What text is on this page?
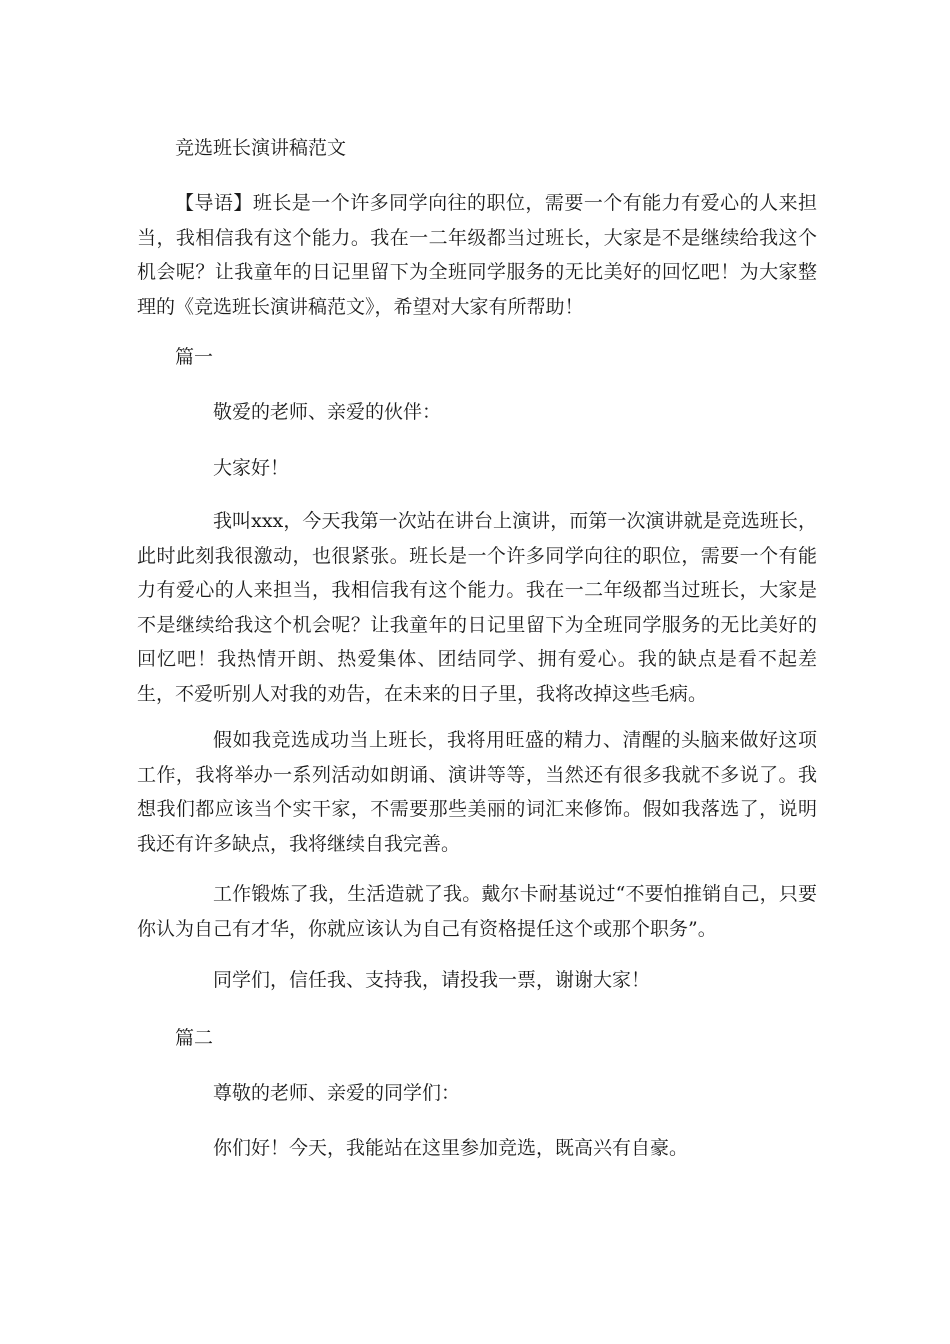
竞选班长演讲稿范文

【导语】班长是一个许多同学向往的职位，需要一个有能力有爱心的人来担当，我相信我有这个能力。我在一二年级都当过班长，大家是不是继续给我这个机会呢？让我童年的日记里留下为全班同学服务的无比美好的回忆吧！为大家整理的《竞选班长演讲稿范文》，希望对大家有所帮助！

篇一
敬爱的老师、亲爱的伙伴：
大家好！

我叫xxx，今天我第一次站在讲台上演讲，而第一次演讲就是竞选班长，此时此刻我很激动，也很紧张。班长是一个许多同学向往的职位，需要一个有能力有爱心的人来担当，我相信我有这个能力。我在一二年级都当过班长，大家是不是继续给我这个机会呢？让我童年的日记里留下为全班同学服务的无比美好的回忆吧！我热情开朗、热爱集体、团结同学、拥有爱心。我的缺点是看不起差生，不爱听别人对我的劝告，在未来的日子里，我将改掉这些毛病。

假如我竞选成功当上班长，我将用旺盛的精力、清醒的头脑来做好这项工作，我将举办一系列活动如朗诵、演讲等等，当然还有很多我就不多说了。我想我们都应该当个实干家，不需要那些美丽的词汇来修饰。假如我落选了，说明我还有许多缺点，我将继续自我完善。

工作锻炼了我，生活造就了我。戴尔卡耐基说过“不要怕推销自己，只要你认为自己有才华，你就应该认为自己有资格提任这个或那个职务”。

同学们，信任我、支持我，请投我一票，谢谢大家！

篇二
尊敬的老师、亲爱的同学们：
你们好！今天，我能站在这里参加竞选，既高兴有自豪。
